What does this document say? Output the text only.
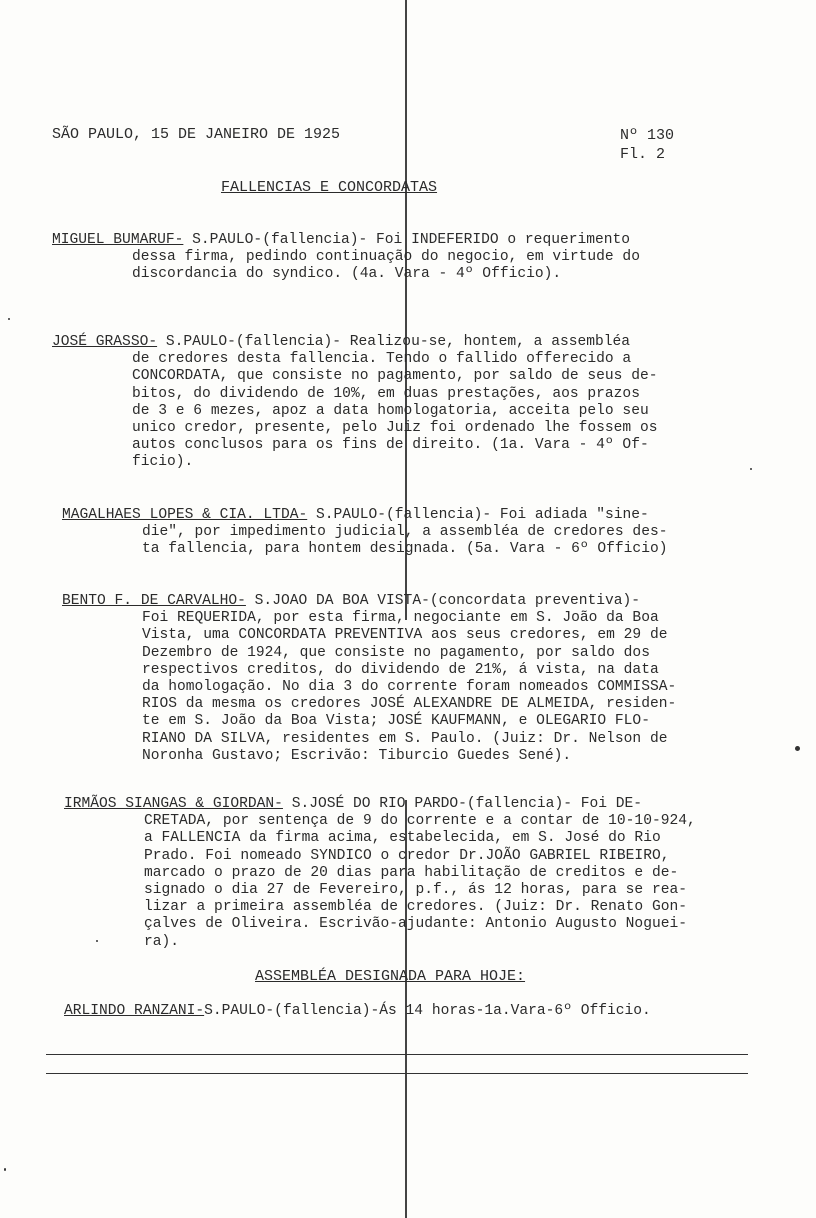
SÃO PAULO, 15 DE JANEIRO DE 1925	Nº 130
Fl. 2
FALLENCIAS E CONCORDATAS
MIGUEL BUMARUF- S.PAULO-(fallencia)- Foi INDEFERIDO o requerimento
dessa firma, pedindo continuação do negocio, em virtude do
discordancia do syndico. (4a. Vara - 4º Officio).
JOSÉ GRASSO- S.PAULO-(fallencia)- Realizou-se, hontem, a assembléa
de credores desta fallencia. Tendo o fallido offerecido a
CONCORDATA, que consiste no pagamento, por saldo de seus de-
bitos, do dividendo de 10%, em duas prestações, aos prazos
de 3 e 6 mezes, apoz a data homologatoria, acceita pelo seu
unico credor, presente, pelo Juiz foi ordenado lhe fossem os
autos conclusos para os fins de direito. (1a. Vara - 4º Of-
ficio).
MAGALHAES LOPES & CIA. LTDA- S.PAULO-(fallencia)- Foi adiada "sine-
die", por impedimento judicial, a assembléa de credores des-
ta fallencia, para hontem designada. (5a. Vara - 6º Officio)
BENTO F. DE CARVALHO- S.JOAO DA BOA VISTA-(concordata preventiva)-
Foi REQUERIDA, por esta firma, negociante em S. João da Boa
Vista, uma CONCORDATA PREVENTIVA aos seus credores, em 29 de
Dezembro de 1924, que consiste no pagamento, por saldo dos
respectivos creditos, do dividendo de 21%, á vista, na data
da homologação. No dia 3 do corrente foram nomeados COMMISSA-
RIOS da mesma os credores JOSÉ ALEXANDRE DE ALMEIDA, residen-
te em S. João da Boa Vista; JOSÉ KAUFMANN, e OLEGARIO FLO-
RIANO DA SILVA, residentes em S. Paulo. (Juiz: Dr. Nelson de
Noronha Gustavo; Escrivão: Tiburcio Guedes Sené).
IRMÃOS SIANGAS & GIORDAN- S.JOSÉ DO RIO PARDO-(fallencia)- Foi DE-
CRETADA, por sentença de 9 do corrente e a contar de 10-10-924,
a FALLENCIA da firma acima, estabelecida, em S. José do Rio
Prado. Foi nomeado SYNDICO o credor Dr.JOÃO GABRIEL RIBEIRO,
marcado o prazo de 20 dias para habilitação de creditos e de-
signado o dia 27 de Fevereiro, p.f., ás 12 horas, para se rea-
lizar a primeira assembléa de credores. (Juiz: Dr. Renato Gon-
çalves de Oliveira. Escrivão-ajudante: Antonio Augusto Noguei-
ra).
ASSEMBLÉA DESIGNADA PARA HOJE:
ARLINDO RANZANI-S.PAULO-(fallencia)-Ás 14 horas-1a.Vara-6º Officio.
